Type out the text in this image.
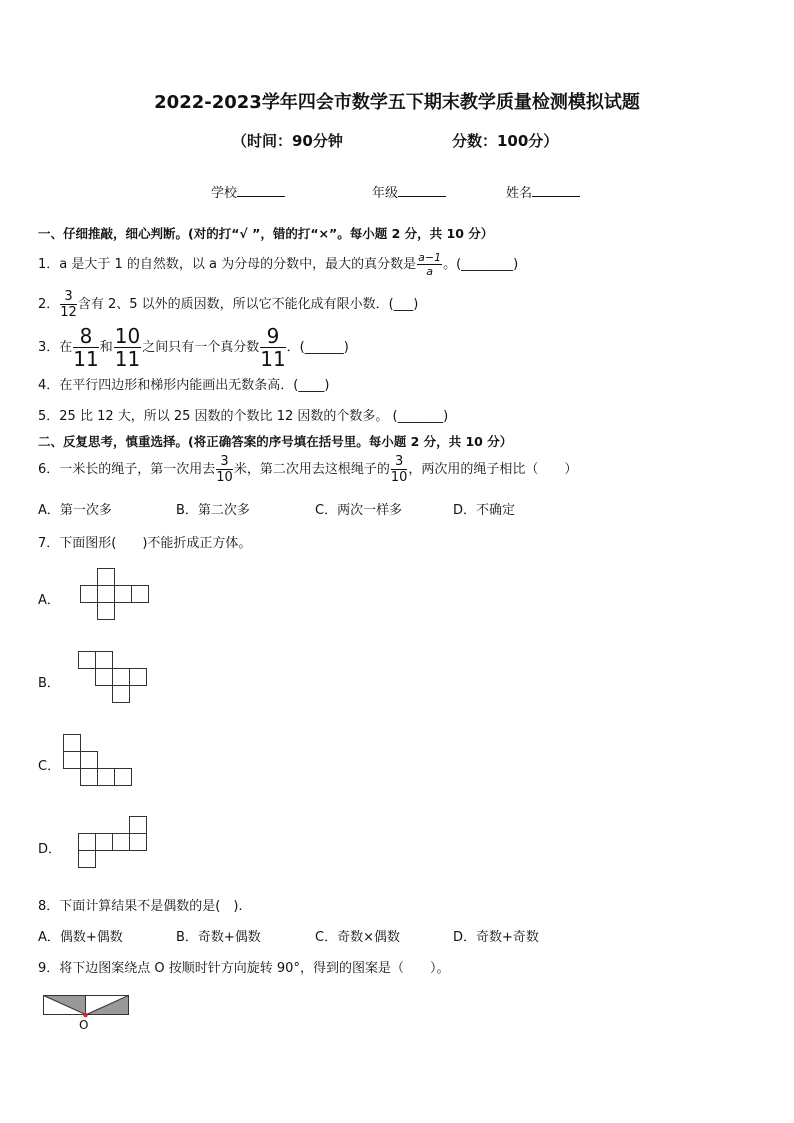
2022-2023学年四会市数学五下期末教学质量检测模拟试题
（时间：90分钟	分数：100分）
学校	年级	姓名
一、仔细推敲，细心判断。(对的打“√ ”，错的打“×”。每小题 2 分，共 10 分）
1．a 是大于 1 的自然数，以 a 为分母的分数中，最大的真分数是 $\frac{a-1}{a}$ 。(________)
2． $\frac{3}{12}$ 含有 2、5 以外的质因数，所以它不能化成有限小数．(___)
3．在 $\frac{8}{11}$ 和 $\frac{10}{11}$ 之间只有一个真分数 $\frac{9}{11}$ ．(______)
4．在平行四边形和梯形内能画出无数条高．(____)
5．25 比 12 大，所以 25 因数的个数比 12 因数的个数多。 (_______)
二、反复思考，慎重选择。(将正确答案的序号填在括号里。每小题 2 分，共 10 分）
6．一米长的绳子，第一次用去 $\frac{3}{10}$ 米，第二次用去这根绳子的 $\frac{3}{10}$ ，两次用的绳子相比（　　）
A．第一次多	B．第二次多	C．两次一样多	D．不确定
7．下面图形(　　)不能折成正方体。
A．
B．
C．
D．
8．下面计算结果不是偶数的是(　).
A．偶数+偶数	B．奇数+偶数	C．奇数×偶数	D．奇数+奇数
9．将下边图案绕点 O 按顺时针方向旋转 90°，得到的图案是（　　）。
O
